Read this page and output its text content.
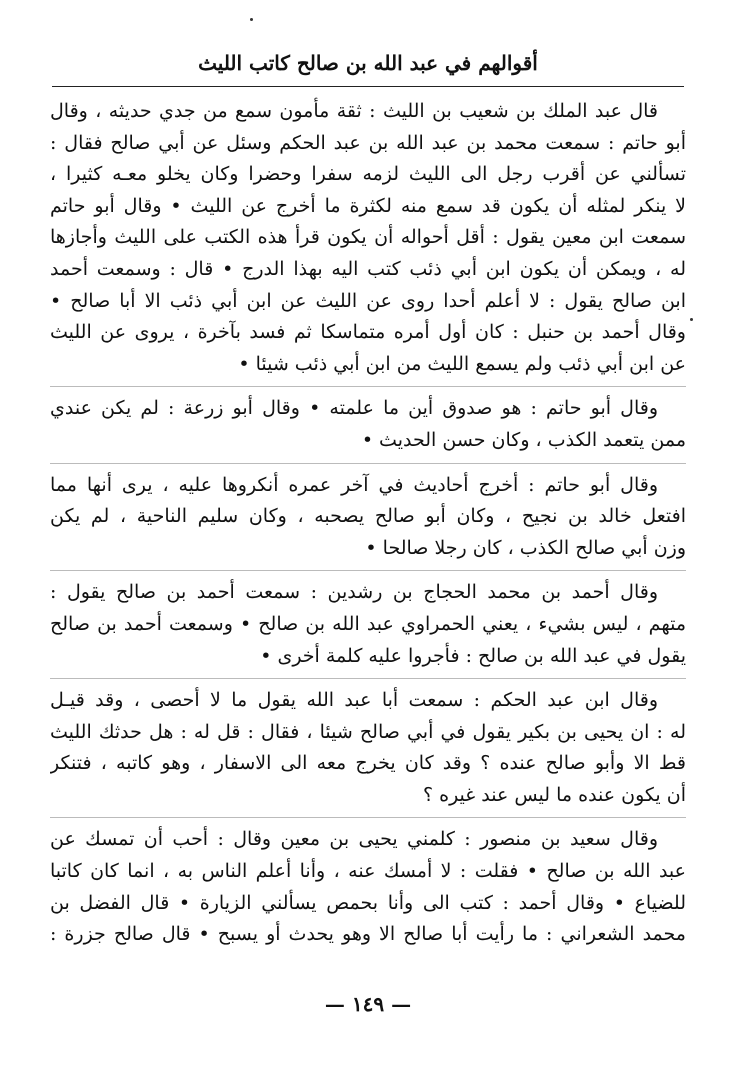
أقوالهم في عبد الله بن صالح كاتب الليث
قال عبد الملك بن شعيب بن الليث : ثقة مأمون سمع من جدي حديثه ، وقال
أبو حاتم : سمعت محمد بن عبد الله بن عبد الحكم وسئل عن أبي صالح فقال :
تسألني عن أقرب رجل الى الليث لزمه سفرا وحضرا وكان يخلو معـه كثيرا ،
لا ينكر لمثله أن يكون قد سمع منه لكثرة ما أخرج عن الليث • وقال أبو حاتم
سمعت ابن معين يقول : أقل أحواله أن يكون قرأ هذه الكتب على الليث وأجازها
له ، ويمكن أن يكون ابن أبي ذئب كتب اليه بهذا الدرج • قال : وسمعت أحمد
ابن صالح يقول : لا أعلم أحدا روى عن الليث عن ابن أبي ذئب الا أبا صالح •
وقال أحمد بن حنبل : كان أول أمره متماسكا ثم فسد بآخرة ، يروى عن الليث
عن ابن أبي ذئب ولم يسمع الليث من ابن أبي ذئب شيئا •
وقال أبو حاتم : هو صدوق أين ما علمته • وقال أبو زرعة : لم يكن عندي
ممن يتعمد الكذب ، وكان حسن الحديث •
وقال أبو حاتم : أخرج أحاديث في آخر عمره أنكروها عليه ، يرى أنها مما
افتعل خالد بن نجيح ، وكان أبو صالح يصحبه ، وكان سليم الناحية ، لم يكن
وزن أبي صالح الكذب ، كان رجلا صالحا •
وقال أحمد بن محمد الحجاج بن رشدين : سمعت أحمد بن صالح يقول :
متهم ، ليس بشيء ، يعني الحمراوي عبد الله بن صالح • وسمعت أحمد بن صالح
يقول في عبد الله بن صالح : فأجروا عليه كلمة أخرى •
وقال ابن عبد الحكم : سمعت أبا عبد الله يقول ما لا أحصى ، وقد قيـل
له : ان يحيى بن بكير يقول في أبي صالح شيئا ، فقال : قل له : هل حدثك الليث
قط الا وأبو صالح عنده ؟ وقد كان يخرج معه الى الاسفار ، وهو كاتبه ، فتنكر
أن يكون عنده ما ليس عند غيره ؟
وقال سعيد بن منصور : كلمني يحيى بن معين وقال : أحب أن تمسك عن
عبد الله بن صالح • فقلت : لا أمسك عنه ، وأنا أعلم الناس به ، انما كان كاتبا
للضياع • وقال أحمد : كتب الى وأنا بحمص يسألني الزيارة • قال الفضل بن
محمد الشعراني : ما رأيت أبا صالح الا وهو يحدث أو يسبح • قال صالح جزرة :
— ١٤٩ —
